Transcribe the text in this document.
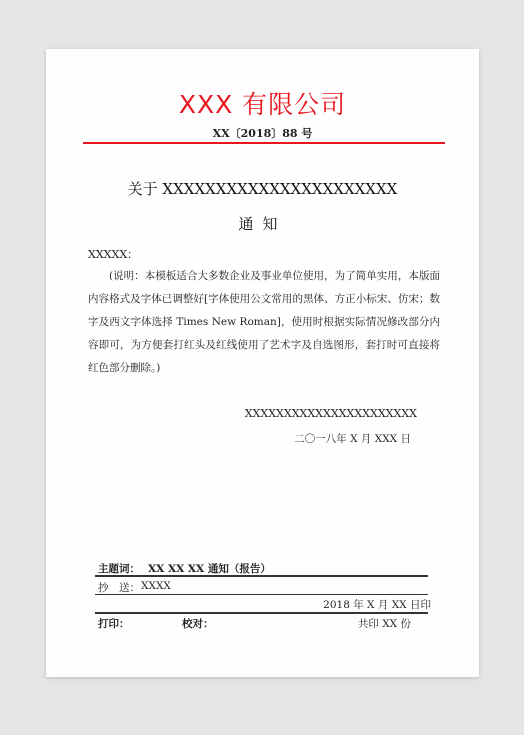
XXX 有限公司
XX〔2018〕88 号
关于 XXXXXXXXXXXXXXXXXXXXXX
通知
XXXXX：
(说明：本模板适合大多数企业及事业单位使用，为了简单实用，本版面内容格式及字体已调整好[字体使用公文常用的黑体、方正小标宋、仿宋；数字及西文字体选择 Times New Roman]，使用时根据实际情况修改部分内容即可，为方便套打红头及红线使用了艺术字及自选图形，套打时可直接将红色部分删除。)
XXXXXXXXXXXXXXXXXXXXXX
二〇一八年 X 月 XXX 日
主题词： XX XX XX 通知（报告）
抄　送： XXXX
2018 年 X 月 XX 日印
打印：	校对：	共印 XX 份
